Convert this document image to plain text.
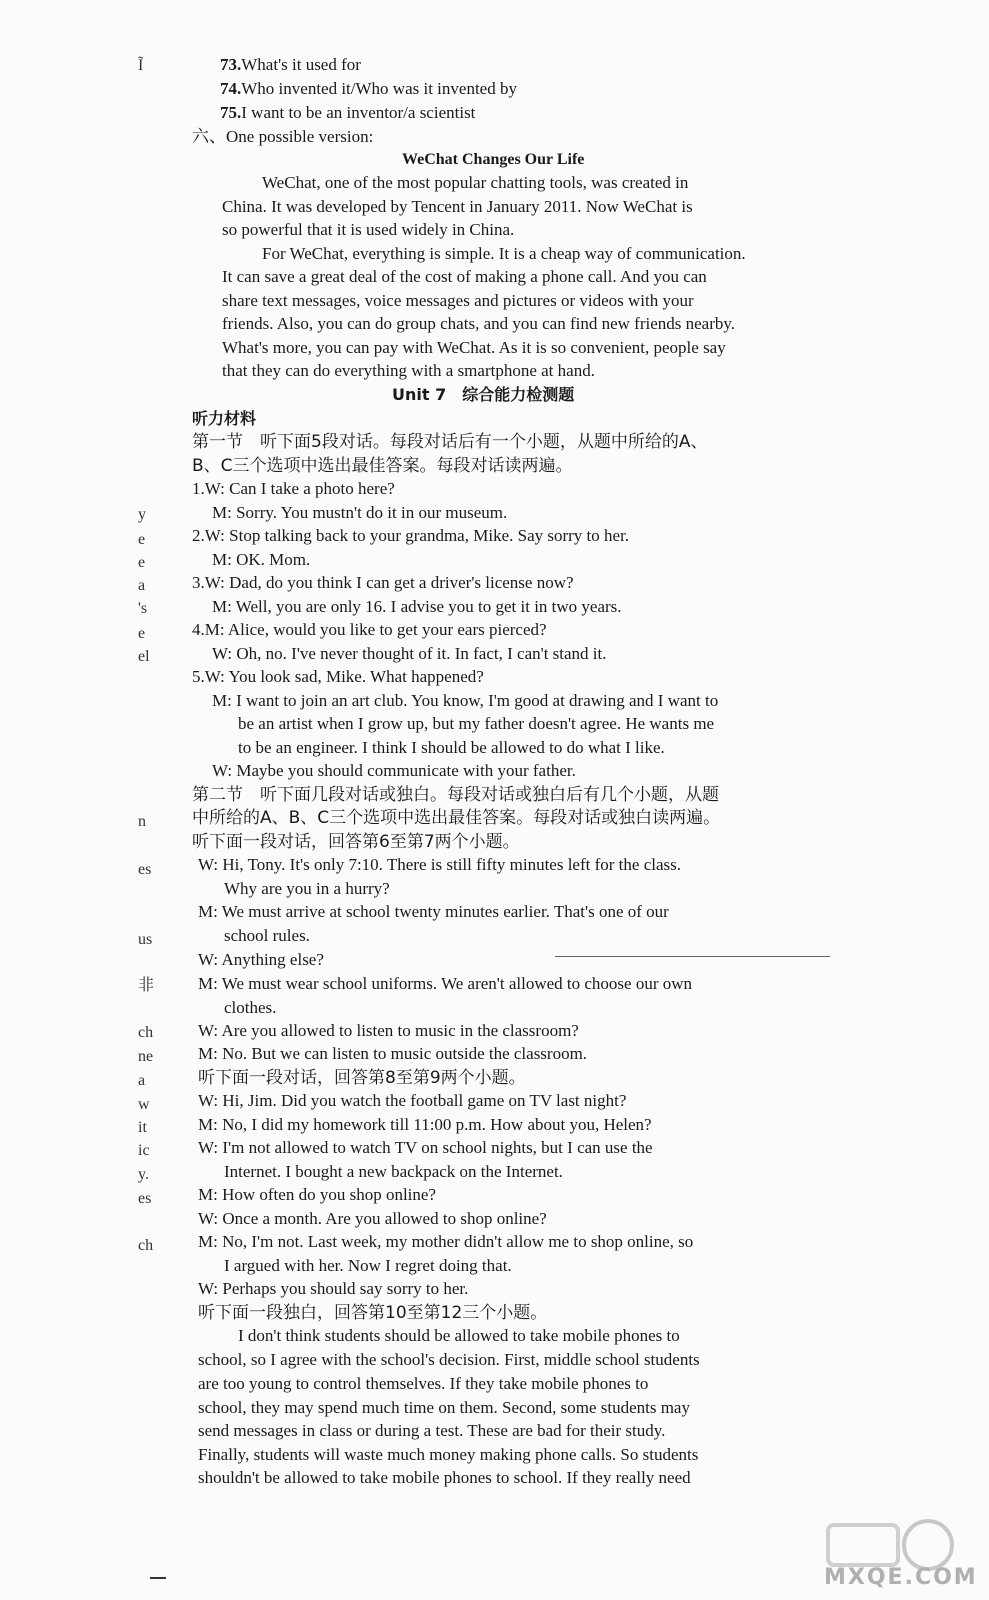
Ĩ
y
e
e
a
's
e
el
n
es
us
非
ch
ne
a
w
it
ic
y.
es
ch
73.What's it used for
74.Who invented it/Who was it invented by
75.I want to be an inventor/a scientist
六、One possible version:
WeChat Changes Our Life
WeChat, one of the most popular chatting tools, was created in
China. It was developed by Tencent in January 2011. Now WeChat is
so powerful that it is used widely in China.
For WeChat, everything is simple. It is a cheap way of communication.
It can save a great deal of the cost of making a phone call. And you can
share text messages, voice messages and pictures or videos with your
friends. Also, you can do group chats, and you can find new friends nearby.
What's more, you can pay with WeChat. As it is so convenient, people say
that they can do everything with a smartphone at hand.
Unit 7　综合能力检测题
听力材料
第一节　听下面5段对话。每段对话后有一个小题，从题中所给的A、
B、C三个选项中选出最佳答案。每段对话读两遍。
1.W: Can I take a photo here?
M: Sorry. You mustn't do it in our museum.
2.W: Stop talking back to your grandma, Mike. Say sorry to her.
M: OK. Mom.
3.W: Dad, do you think I can get a driver's license now?
M: Well, you are only 16. I advise you to get it in two years.
4.M: Alice, would you like to get your ears pierced?
W: Oh, no. I've never thought of it. In fact, I can't stand it.
5.W: You look sad, Mike. What happened?
M: I want to join an art club. You know, I'm good at drawing and I want to
be an artist when I grow up, but my father doesn't agree. He wants me
to be an engineer. I think I should be allowed to do what I like.
W: Maybe you should communicate with your father.
第二节　听下面几段对话或独白。每段对话或独白后有几个小题，从题
中所给的A、B、C三个选项中选出最佳答案。每段对话或独白读两遍。
听下面一段对话，回答第6至第7两个小题。
W: Hi, Tony. It's only 7:10. There is still fifty minutes left for the class.
Why are you in a hurry?
M: We must arrive at school twenty minutes earlier. That's one of our
school rules.
W: Anything else?
M: We must wear school uniforms. We aren't allowed to choose our own
clothes.
W: Are you allowed to listen to music in the classroom?
M: No. But we can listen to music outside the classroom.
听下面一段对话，回答第8至第9两个小题。
W: Hi, Jim. Did you watch the football game on TV last night?
M: No, I did my homework till 11:00 p.m. How about you, Helen?
W: I'm not allowed to watch TV on school nights, but I can use the
Internet. I bought a new backpack on the Internet.
M: How often do you shop online?
W: Once a month. Are you allowed to shop online?
M: No, I'm not. Last week, my mother didn't allow me to shop online, so
I argued with her. Now I regret doing that.
W: Perhaps you should say sorry to her.
听下面一段独白，回答第10至第12三个小题。
I don't think students should be allowed to take mobile phones to
school, so I agree with the school's decision. First, middle school students
are too young to control themselves. If they take mobile phones to
school, they may spend much time on them. Second, some students may
send messages in class or during a test. These are bad for their study.
Finally, students will waste much money making phone calls. So students
shouldn't be allowed to take mobile phones to school. If they really need
MXQE.COM
